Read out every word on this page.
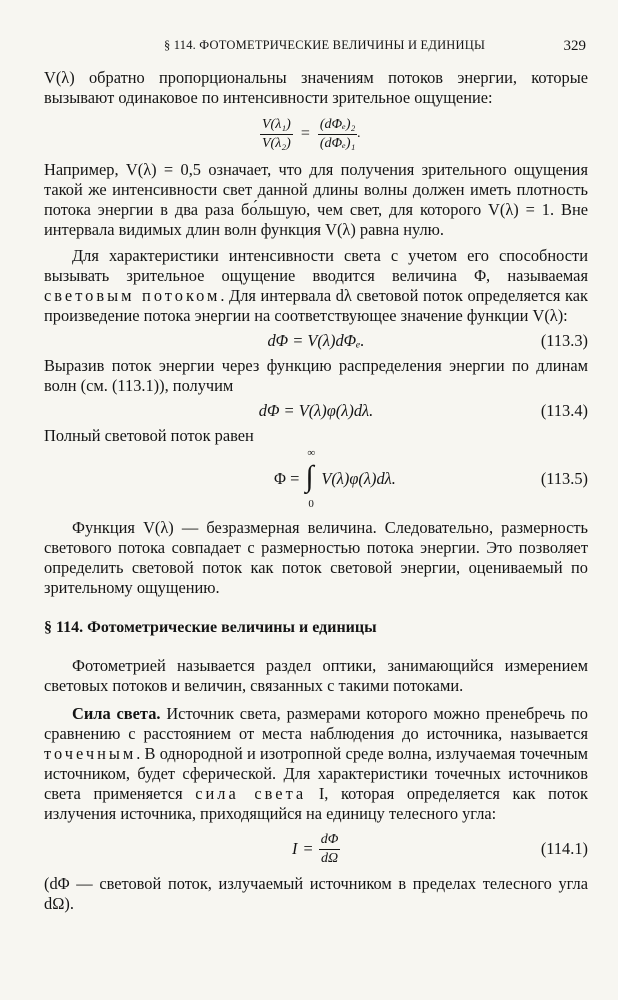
§ 114. ФОТОМЕТРИЧЕСКИЕ ВЕЛИЧИНЫ И ЕДИНИЦЫ	329

V(λ) обратно пропорциональны значениям потоков энергии, которые вызывают одинаковое по интенсивности зрительное ощущение:

$\frac{\text{V(λ₁)}}{\text{V(λ₂)}} = \frac{\text{(dΦₑ)₂}}{\text{(dΦₑ)₁}}$ .

Например, V(λ) = 0,5 означает, что для получения зрительного ощущения такой же интенсивности свет данной длины волны должен иметь плотность потока энергии в два раза бо́льшую, чем свет, для которого V(λ) = 1. Вне интервала видимых длин волн функция V(λ) равна нулю.

Для характеристики интенсивности света с учетом его способности вызывать зрительное ощущение вводится величина Φ, называемая световым потоком. Для интервала dλ световой поток определяется как произведение потока энергии на соответствующее значение функции V(λ):

dΦ = V(λ)dΦₑ.	(113.3)

Выразив поток энергии через функцию распределения энергии по длинам волн (см. (113.1)), получим

dΦ = V(λ)φ(λ)dλ.	(113.4)

Полный световой поток равен

Φ =
∞
∫
0
V(λ)φ(λ)dλ.	(113.5)

Функция V(λ) — безразмерная величина. Следовательно, размерность светового потока совпадает с размерностью потока энергии. Это позволяет определить световой поток как поток световой энергии, оцениваемый по зрительному ощущению.

§ 114. Фотометрические величины и единицы

Фотометрией называется раздел оптики, занимающийся измерением световых потоков и величин, связанных с такими потоками.

Сила света. Источник света, размерами которого можно пренебречь по сравнению с расстоянием от места наблюдения до источника, называется точечным. В однородной и изотропной среде волна, излучаемая точечным источником, будет сферической. Для характеристики точечных источников света применяется сила света I, которая определяется как поток излучения источника, приходящийся на единицу телесного угла:

$I = \frac{d\Phi}{d\Omega}$	(114.1)

(dΦ — световой поток, излучаемый источником в пределах телесного угла dΩ).
